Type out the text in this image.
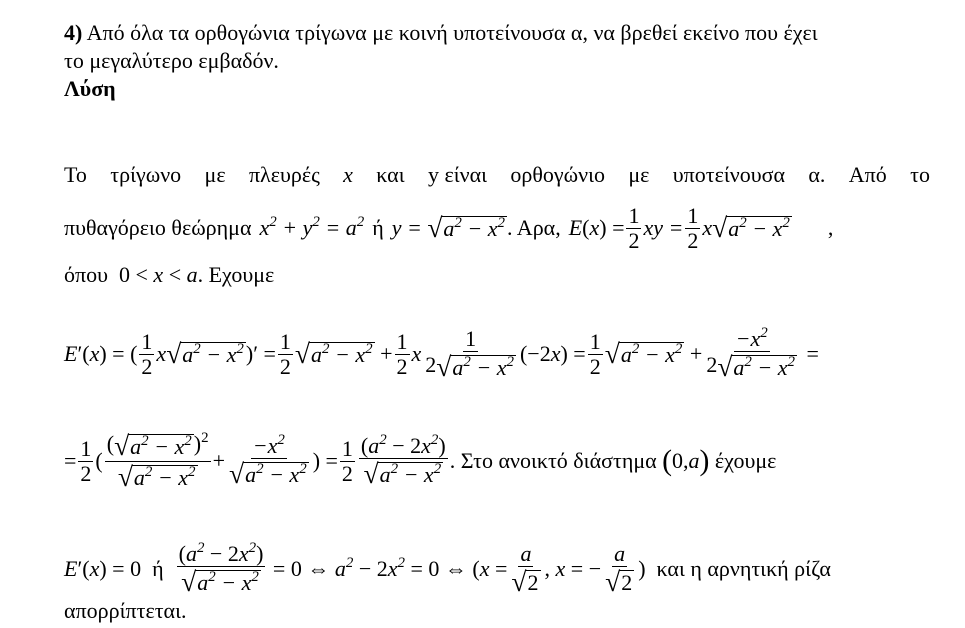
4) Από όλα τα ορθογώνια τρίγωνα με κοινή υποτείνουσα α, να βρεθεί εκείνο που έχει
το μεγαλύτερο εμβαδόν.
Λύση
Το τρίγωνο με πλευρές x και y είναι ορθογώνιο με υποτείνουσα α. Από το
πυθαγόρειο θεώρημα $x^2 + y^2 = a^2$ ή y = √ $a^2 - x^2$ . Αρα, E ( x ) = $\frac{1}{2}$ xy = $\frac{1}{2}$ x √ $a^2 - x^2$ ,
όπου 0 < x < a. Εχουμε
E ′( x ) = ( $\frac{1}{2}$ x √ $a^2 - x^2$ )′ = $\frac{1}{2}$ √ $a^2 - x^2 + \frac{1}{2}$ x $\frac{1}{2 √ a^2 - x^2} (-2$ x ) = $\frac{1}{2}$ √ $a^2 - x^2 + \frac{-x^2}{2 √ a^2 - x^2}$ =
= $\frac{1}{2}$ ( $\frac{( √ a^2 - x^2 )^2}{√ a^2 - x^2} + \frac{-x^2}{√ a^2 - x^2}$ ) = $\frac{1}{2} \frac{(a^2 - 2x^2)}{√ a^2 - x^2}$ . Στο ανοικτό διάστημα
( 0, a )
έχουμε
E ′( x ) = 0
ή
$\frac{(a^2 - 2x^2)}{√ a^2 - x^2} = 0$ ⇔ $a^2 - 2$ $x^2 = 0$ ⇔ ( $x = \frac{a}{√ 2}$ , x = − $\frac{a}{√ 2}$ )
και η αρνητική ρίζα
απορρίπτεται.
